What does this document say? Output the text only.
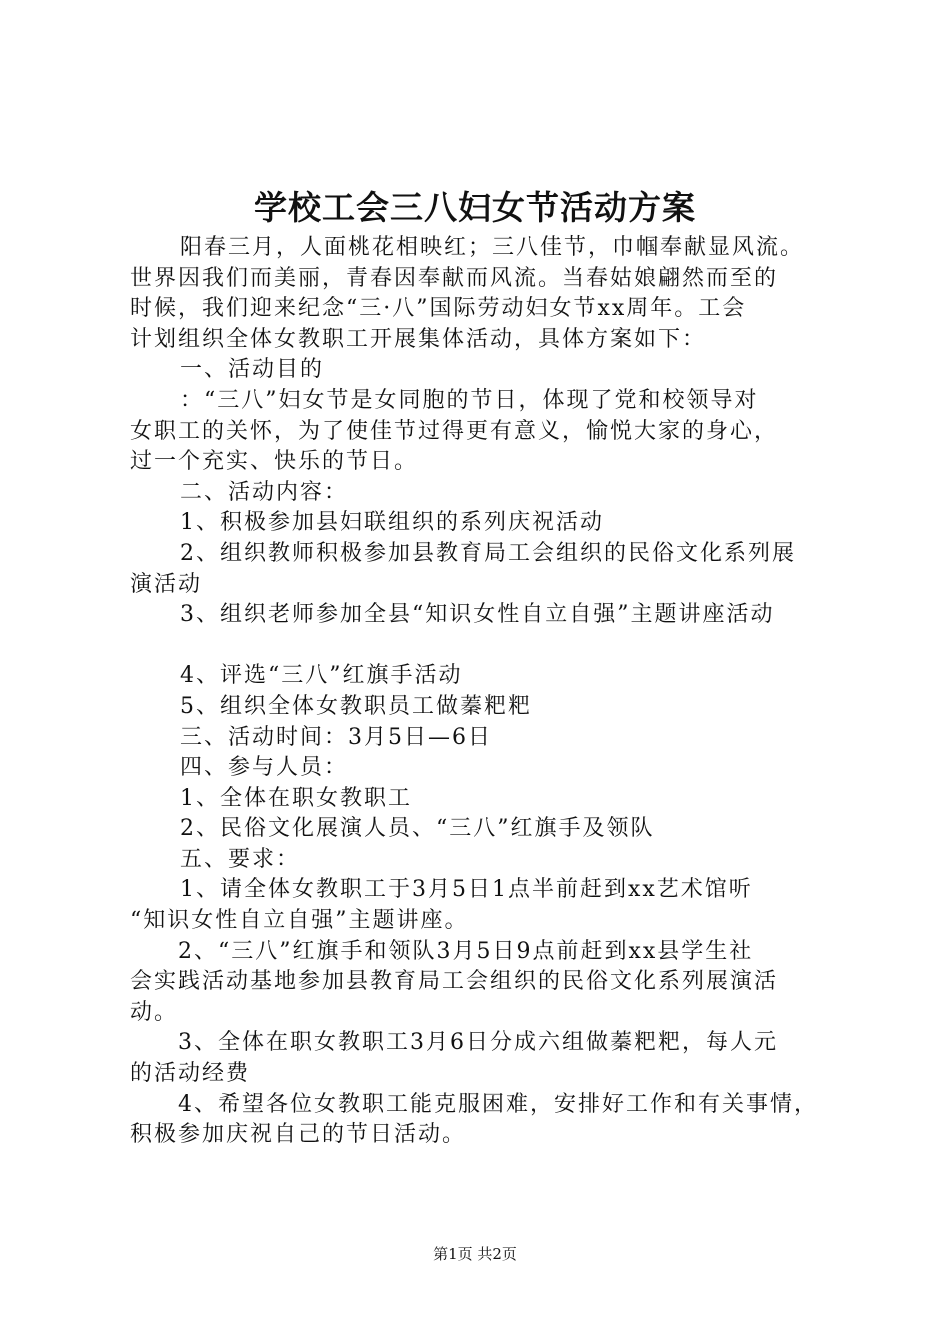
学校工会三八妇女节活动方案
阳春三月，人面桃花相映红；三八佳节，巾帼奉献显风流。
世界因我们而美丽，青春因奉献而风流。当春姑娘翩然而至的
时候，我们迎来纪念“三·八”国际劳动妇女节xx周年。工会
计划组织全体女教职工开展集体活动，具体方案如下：
一、活动目的
：“三八”妇女节是女同胞的节日，体现了党和校领导对
女职工的关怀，为了使佳节过得更有意义，愉悦大家的身心，
过一个充实、快乐的节日。
二、活动内容：
1、积极参加县妇联组织的系列庆祝活动
2、组织教师积极参加县教育局工会组织的民俗文化系列展
演活动
3、组织老师参加全县“知识女性自立自强”主题讲座活动
4、评选“三八”红旗手活动
5、组织全体女教职员工做蓁粑粑
三、活动时间：3月5日—6日
四、参与人员：
1、全体在职女教职工
2、民俗文化展演人员、“三八”红旗手及领队
五、要求：
1、请全体女教职工于3月5日1点半前赶到xx艺术馆听
“知识女性自立自强”主题讲座。
2、“三八”红旗手和领队3月5日9点前赶到xx县学生社
会实践活动基地参加县教育局工会组织的民俗文化系列展演活
动。
3、全体在职女教职工3月6日分成六组做蓁粑粑，每人元
的活动经费
4、希望各位女教职工能克服困难，安排好工作和有关事情，
积极参加庆祝自己的节日活动。
第1页 共2页
